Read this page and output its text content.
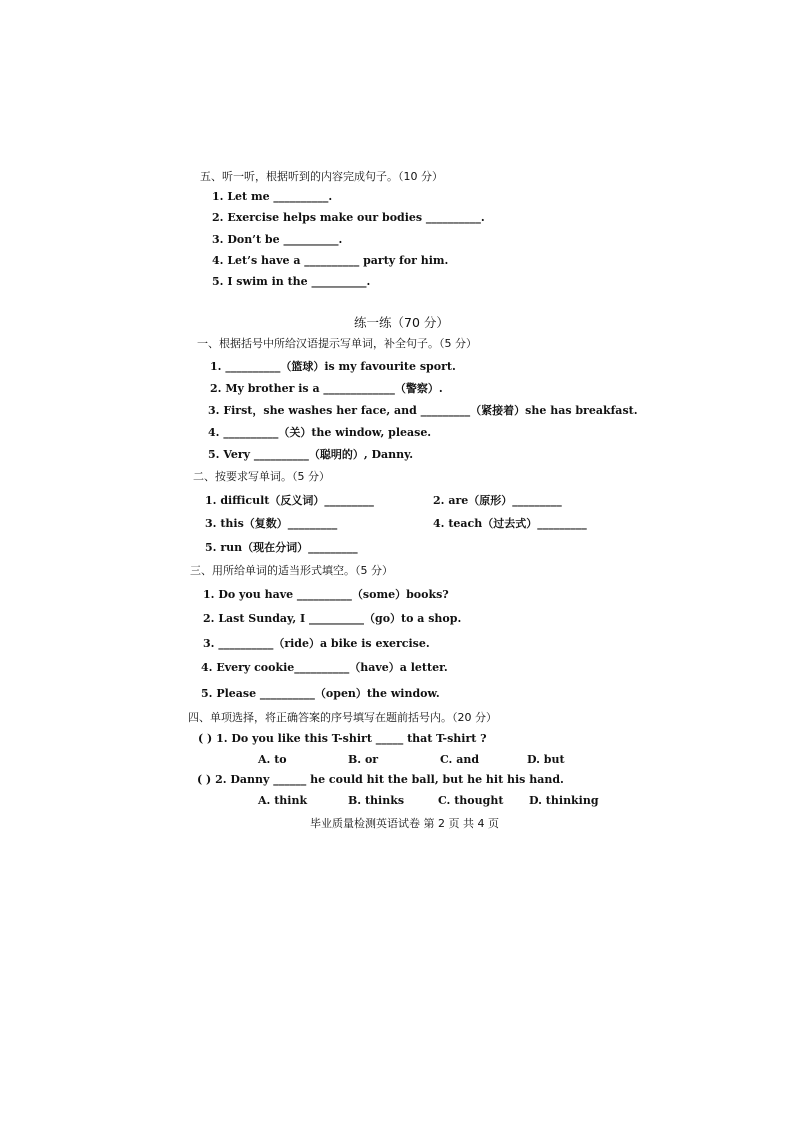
五、听一听，根据听到的内容完成句子。（10 分）
1. Let me __________.
2. Exercise helps make our bodies __________.
3. Don’t be __________.
4. Let’s have a __________ party for him.
5. I swim in the __________.
练一练（70 分）
一、根据括号中所给汉语提示写单词，补全句子。（5 分）
1. __________（篮球）is my favourite sport.
2. My brother is a _____________（警察）.
3. First，she washes her face, and _________（紧接着）she has breakfast.
4. __________（关）the window, please.
5. Very __________（聪明的）, Danny.
二、按要求写单词。（5 分）
1. difficult（反义词）_________	2. are（原形）_________
3. this（复数）_________	4. teach（过去式）_________
5. run（现在分词）_________
三、用所给单词的适当形式填空。（5 分）
1. Do you have __________（some）books?
2. Last Sunday, I __________（go）to a shop.
3. __________（ride）a bike is exercise.
4. Every cookie__________（have）a letter.
5. Please __________（open）the window.
四、单项选择，将正确答案的序号填写在题前括号内。（20 分）
( ) 1. Do you like this T-shirt _____ that T-shirt ?
A. to	B. or	C. and	D. but
( ) 2. Danny ______ he could hit the ball, but he hit his hand.
A. think	B. thinks	C. thought D. thinking
毕业质量检测英语试卷 第 2 页 共 4 页
